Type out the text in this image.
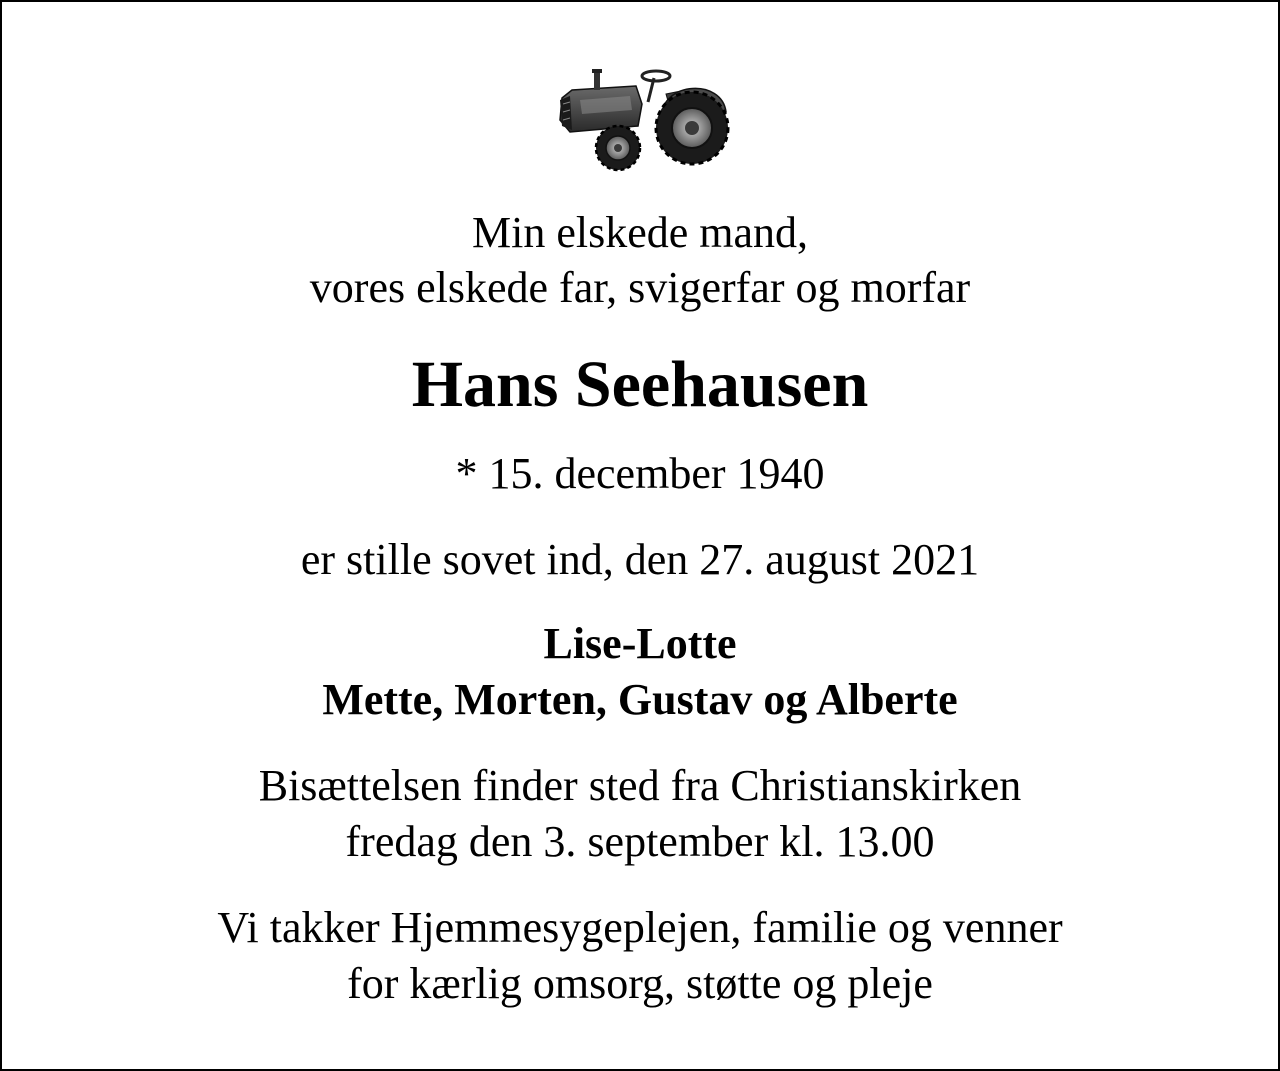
Min elskede mand,
vores elskede far, svigerfar og morfar
Hans Seehausen
* 15. december 1940
er stille sovet ind, den 27. august 2021
Lise-Lotte
Mette, Morten, Gustav og Alberte
Bisættelsen finder sted fra Christianskirken
fredag den 3. september kl. 13.00
Vi takker Hjemmesygeplejen, familie og venner
for kærlig omsorg, støtte og pleje
